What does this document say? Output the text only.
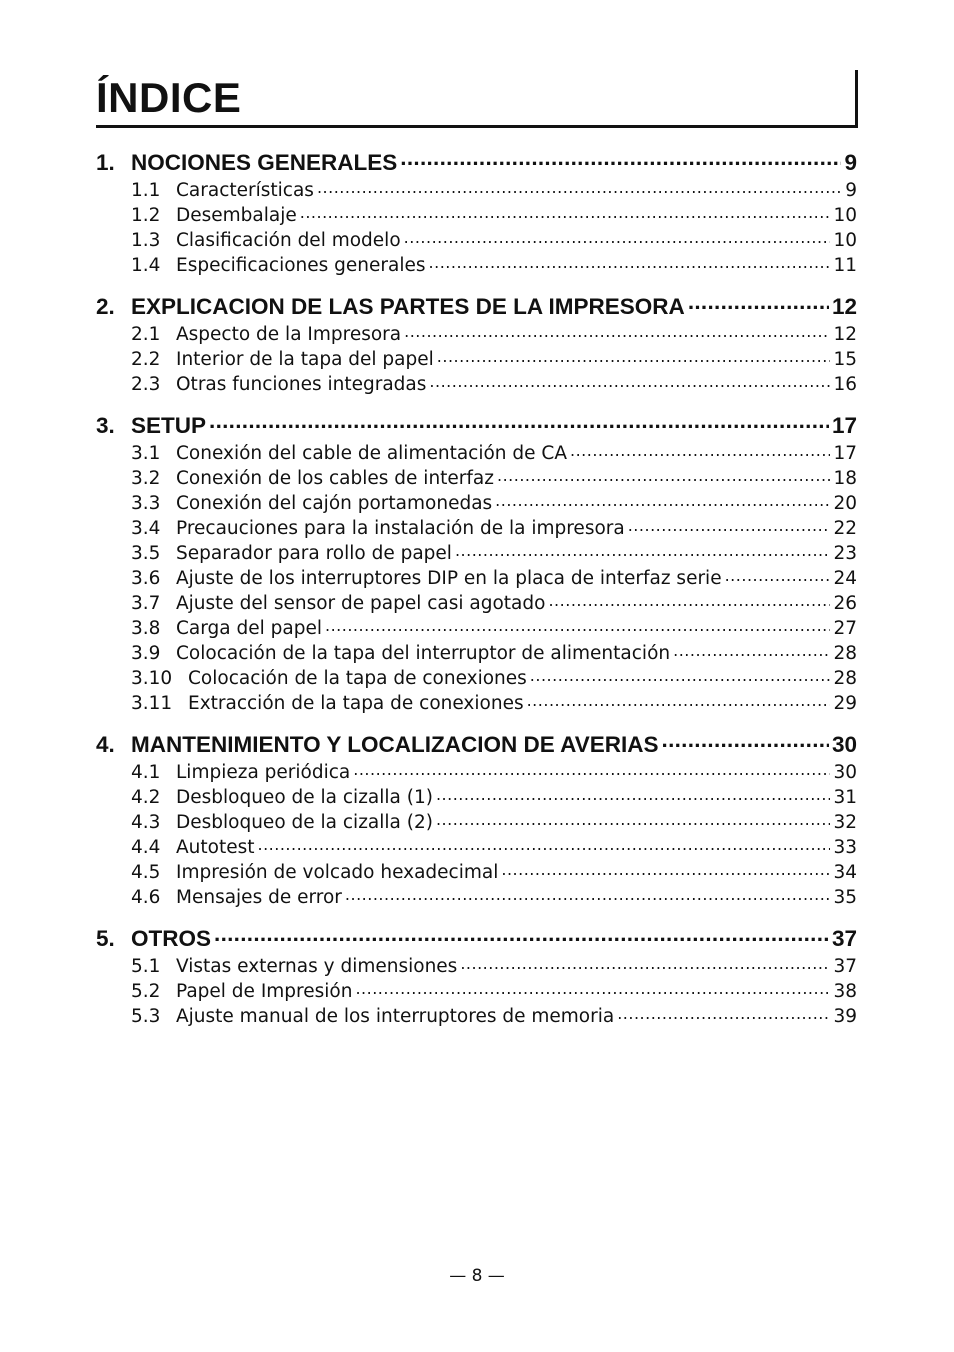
ÍNDICE
1. NOCIONES GENERALES .....	9
1.1 Características .....	9
1.2 Desembalaje .....	10
1.3 Clasificación del modelo .....	10
1.4 Especificaciones generales .....	11
2. EXPLICACION DE LAS PARTES DE LA IMPRESORA .....	12
2.1 Aspecto de la Impresora .....	12
2.2 Interior de la tapa del papel .....	15
2.3 Otras funciones integradas .....	16
3. SETUP .....	17
3.1 Conexión del cable de alimentación de CA .....	17
3.2 Conexión de los cables de interfaz .....	18
3.3 Conexión del cajón portamonedas .....	20
3.4 Precauciones para la instalación de la impresora .....	22
3.5 Separador para rollo de papel .....	23
3.6 Ajuste de los interruptores DIP en la placa de interfaz serie .....	24
3.7 Ajuste del sensor de papel casi agotado .....	26
3.8 Carga del papel .....	27
3.9 Colocación de la tapa del interruptor de alimentación .....	28
3.10 Colocación de la tapa de conexiones .....	28
3.11 Extracción de la tapa de conexiones .....	29
4. MANTENIMIENTO Y LOCALIZACION DE AVERIAS .....	30
4.1 Limpieza periódica .....	30
4.2 Desbloqueo de la cizalla (1) .....	31
4.3 Desbloqueo de la cizalla (2) .....	32
4.4 Autotest .....	33
4.5 Impresión de volcado hexadecimal .....	34
4.6 Mensajes de error .....	35
5. OTROS .....	37
5.1 Vistas externas y dimensiones .....	37
5.2 Papel de Impresión .....	38
5.3 Ajuste manual de los interruptores de memoria .....	39
— 8 —
